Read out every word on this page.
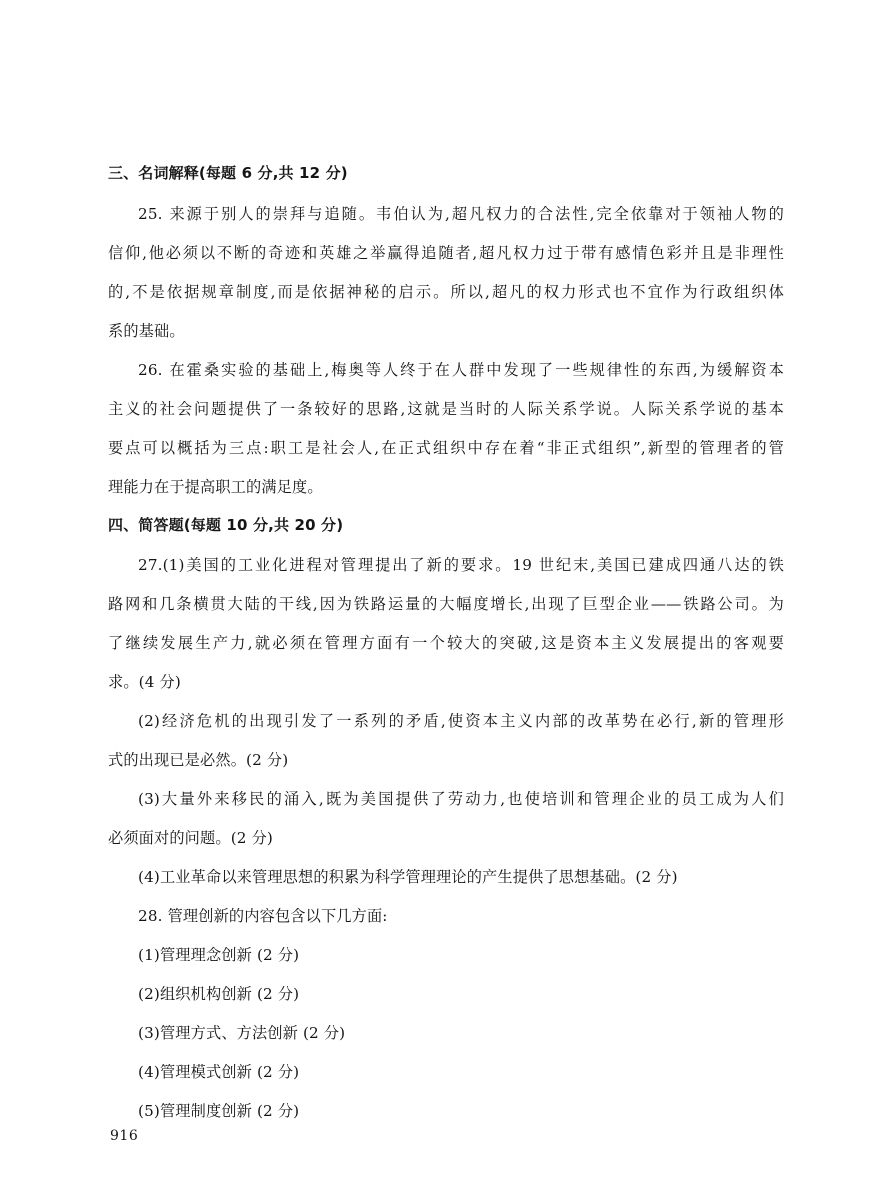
三、名词解释(每题 6 分,共 12 分)
25. 来源于别人的崇拜与追随。韦伯认为,超凡权力的合法性,完全依靠对于领袖人物的
信仰,他必须以不断的奇迹和英雄之举赢得追随者,超凡权力过于带有感情色彩并且是非理性
的,不是依据规章制度,而是依据神秘的启示。所以,超凡的权力形式也不宜作为行政组织体
系的基础。
26. 在霍桑实验的基础上,梅奥等人终于在人群中发现了一些规律性的东西,为缓解资本
主义的社会问题提供了一条较好的思路,这就是当时的人际关系学说。人际关系学说的基本
要点可以概括为三点:职工是社会人,在正式组织中存在着“非正式组织”,新型的管理者的管
理能力在于提高职工的满足度。
四、简答题(每题 10 分,共 20 分)
27.(1)美国的工业化进程对管理提出了新的要求。19 世纪末,美国已建成四通八达的铁
路网和几条横贯大陆的干线,因为铁路运量的大幅度增长,出现了巨型企业——铁路公司。为
了继续发展生产力,就必须在管理方面有一个较大的突破,这是资本主义发展提出的客观要
求。(4 分)
(2)经济危机的出现引发了一系列的矛盾,使资本主义内部的改革势在必行,新的管理形
式的出现已是必然。(2 分)
(3)大量外来移民的涌入,既为美国提供了劳动力,也使培训和管理企业的员工成为人们
必须面对的问题。(2 分)
(4)工业革命以来管理思想的积累为科学管理理论的产生提供了思想基础。(2 分)
28. 管理创新的内容包含以下几方面:
(1)管理理念创新 (2 分)
(2)组织机构创新 (2 分)
(3)管理方式、方法创新 (2 分)
(4)管理模式创新 (2 分)
(5)管理制度创新 (2 分)
916
